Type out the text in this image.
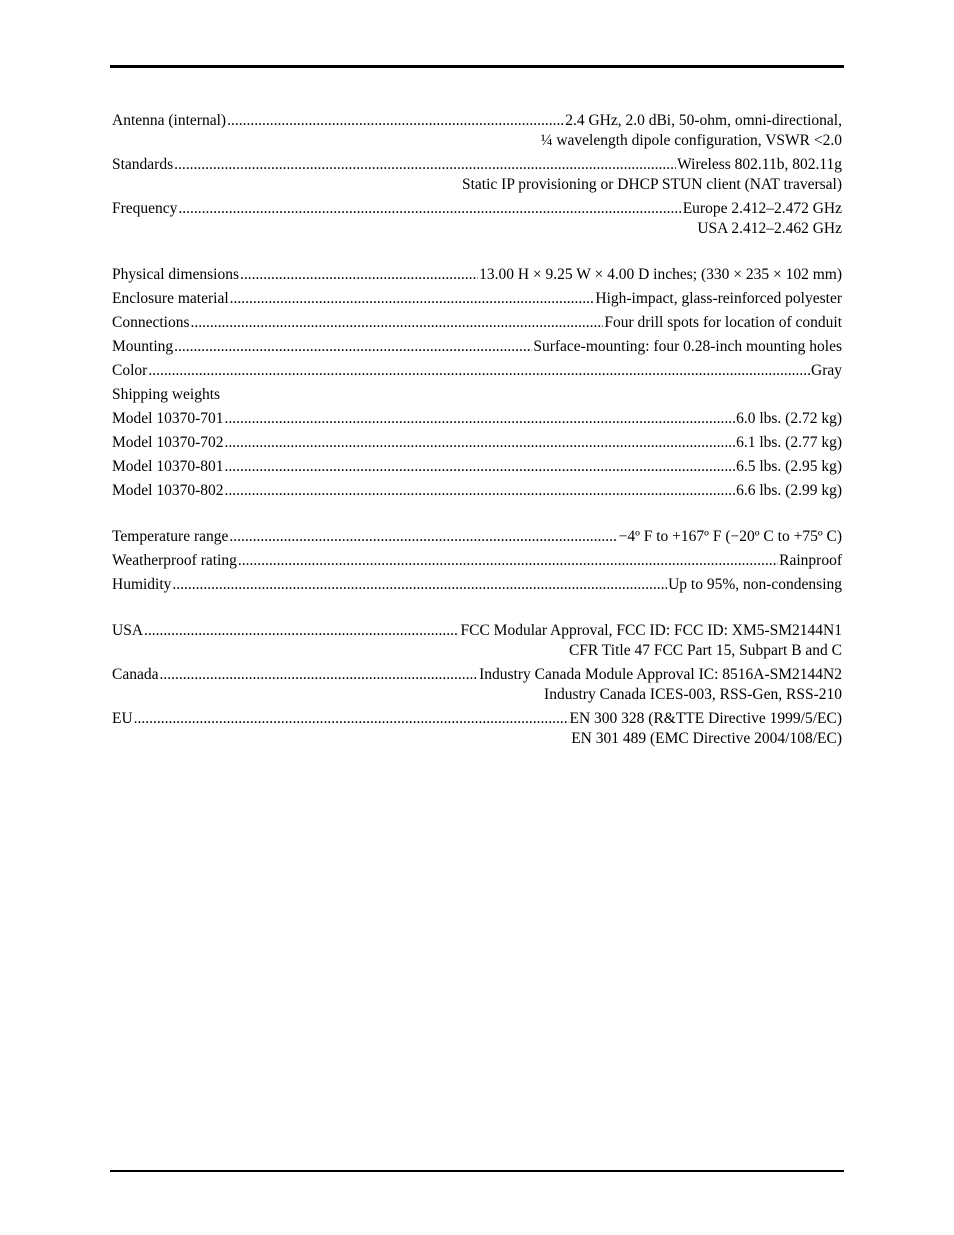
Antenna (internal) .....	2.4 GHz, 2.0 dBi, 50-ohm, omni-directional,
¼ wavelength dipole configuration, VSWR <2.0
Standards .....	Wireless 802.11b, 802.11g
Static IP provisioning or DHCP STUN client (NAT traversal)
Frequency .....	Europe 2.412–2.472 GHz
USA 2.412–2.462 GHz
Physical dimensions .....	13.00 H × 9.25 W × 4.00 D inches; (330 × 235 × 102 mm)
Enclosure material .....	High-impact, glass-reinforced polyester
Connections .....	Four drill spots for location of conduit
Mounting .....	Surface-mounting: four 0.28-inch mounting holes
Color .....	Gray
Shipping weights
Model 10370-701 .....	6.0 lbs. (2.72 kg)
Model 10370-702 .....	6.1 lbs. (2.77 kg)
Model 10370-801 .....	6.5 lbs. (2.95 kg)
Model 10370-802 .....	6.6 lbs. (2.99 kg)
Temperature range .....	−4º F to +167º F (−20º C to +75º C)
Weatherproof rating .....	Rainproof
Humidity .....	Up to 95%, non-condensing
USA .....	FCC Modular Approval, FCC ID: FCC ID: XM5-SM2144N1
CFR Title 47 FCC Part 15, Subpart B and C
Canada .....	Industry Canada Module Approval IC: 8516A-SM2144N2
Industry Canada ICES-003, RSS-Gen, RSS-210
EU .....	EN 300 328 (R&TTE Directive 1999/5/EC)
EN 301 489 (EMC Directive 2004/108/EC)
